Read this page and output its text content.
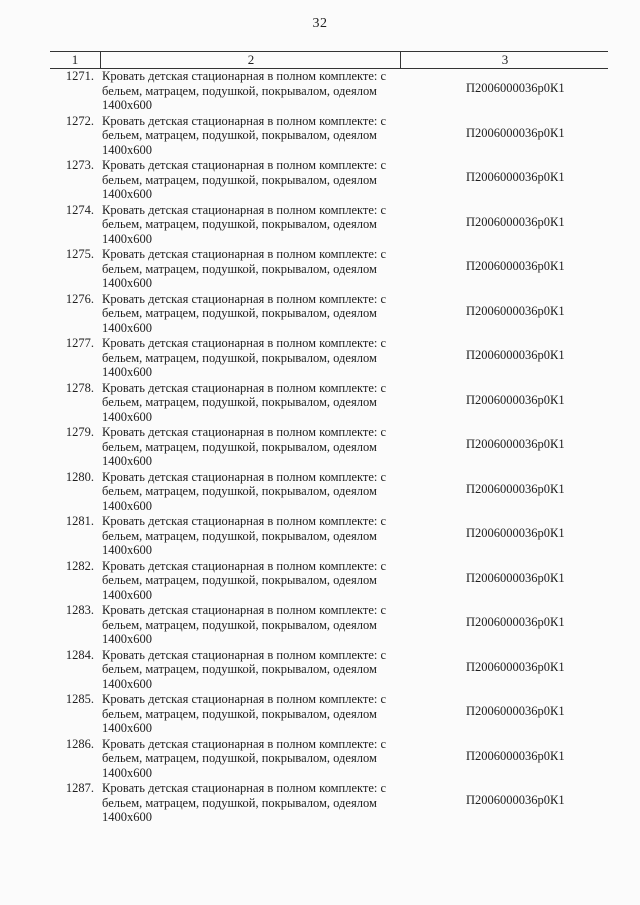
32
1	2	3
1271. Кровать детская стационарная в полном комплекте: с
бельем, матрацем, подушкой, покрывалом, одеялом
1400x600
П2006000036р0К1
1272. Кровать детская стационарная в полном комплекте: с
бельем, матрацем, подушкой, покрывалом, одеялом
1400x600
П2006000036р0К1
1273. Кровать детская стационарная в полном комплекте: с
бельем, матрацем, подушкой, покрывалом, одеялом
1400x600
П2006000036р0К1
1274. Кровать детская стационарная в полном комплекте: с
бельем, матрацем, подушкой, покрывалом, одеялом
1400x600
П2006000036р0К1
1275. Кровать детская стационарная в полном комплекте: с
бельем, матрацем, подушкой, покрывалом, одеялом
1400x600
П2006000036р0К1
1276. Кровать детская стационарная в полном комплекте: с
бельем, матрацем, подушкой, покрывалом, одеялом
1400x600
П2006000036р0К1
1277. Кровать детская стационарная в полном комплекте: с
бельем, матрацем, подушкой, покрывалом, одеялом
1400x600
П2006000036р0К1
1278. Кровать детская стационарная в полном комплекте: с
бельем, матрацем, подушкой, покрывалом, одеялом
1400x600
П2006000036р0К1
1279. Кровать детская стационарная в полном комплекте: с
бельем, матрацем, подушкой, покрывалом, одеялом
1400x600
П2006000036р0К1
1280. Кровать детская стационарная в полном комплекте: с
бельем, матрацем, подушкой, покрывалом, одеялом
1400x600
П2006000036р0К1
1281. Кровать детская стационарная в полном комплекте: с
бельем, матрацем, подушкой, покрывалом, одеялом
1400x600
П2006000036р0К1
1282. Кровать детская стационарная в полном комплекте: с
бельем, матрацем, подушкой, покрывалом, одеялом
1400x600
П2006000036р0К1
1283. Кровать детская стационарная в полном комплекте: с
бельем, матрацем, подушкой, покрывалом, одеялом
1400x600
П2006000036р0К1
1284. Кровать детская стационарная в полном комплекте: с
бельем, матрацем, подушкой, покрывалом, одеялом
1400x600
П2006000036р0К1
1285. Кровать детская стационарная в полном комплекте: с
бельем, матрацем, подушкой, покрывалом, одеялом
1400x600
П2006000036р0К1
1286. Кровать детская стационарная в полном комплекте: с
бельем, матрацем, подушкой, покрывалом, одеялом
1400x600
П2006000036р0К1
1287. Кровать детская стационарная в полном комплекте: с
бельем, матрацем, подушкой, покрывалом, одеялом
1400x600
П2006000036р0К1
